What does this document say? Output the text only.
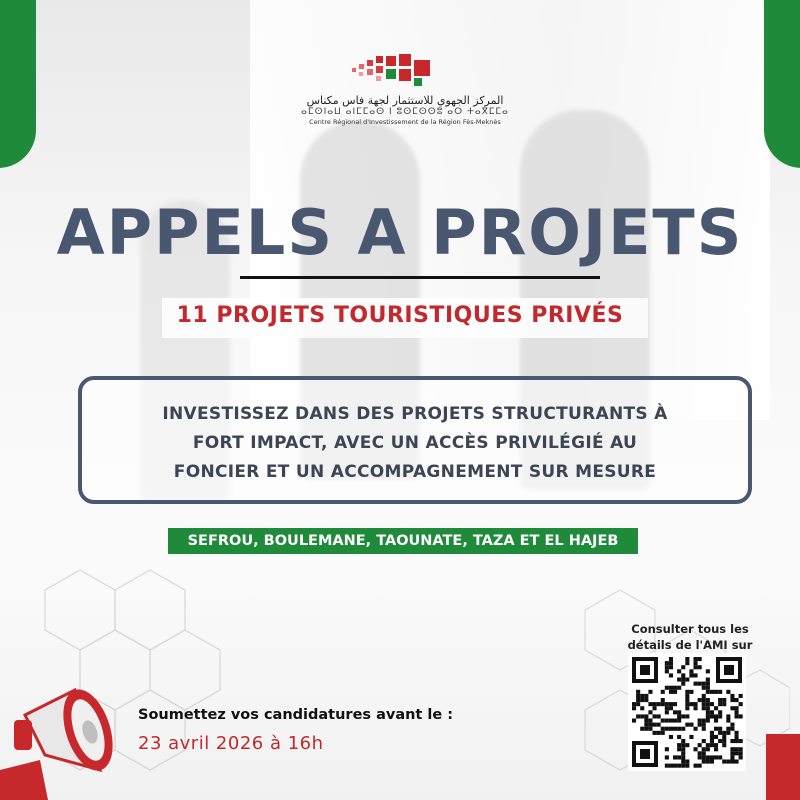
المركز الجهوي للاستثمار لجهة فاس مكناس
ⴰⵎⵙⵏⴰⵡ ⴰⵏⵎⵎⴰⵙ ⵏ ⵓⵙⵎⵙⵙⵓ ⴰⵔ ⵜⴰⴳⵎⵎⴰ
Centre Régional d'Investissement de la Région Fès-Meknès
APPELS A PROJETS
11 PROJETS TOURISTIQUES PRIVÉS
INVESTISSEZ DANS DES PROJETS STRUCTURANTS À
FORT IMPACT, AVEC UN ACCÈS PRIVILÉGIÉ AU
FONCIER ET UN ACCOMPAGNEMENT SUR MESURE
SEFROU, BOULEMANE, TAOUNATE, TAZA ET EL HAJEB
Consulter tous les
détails de l'AMI sur
Soumettez vos candidatures avant le :
23 avril 2026 à 16h
